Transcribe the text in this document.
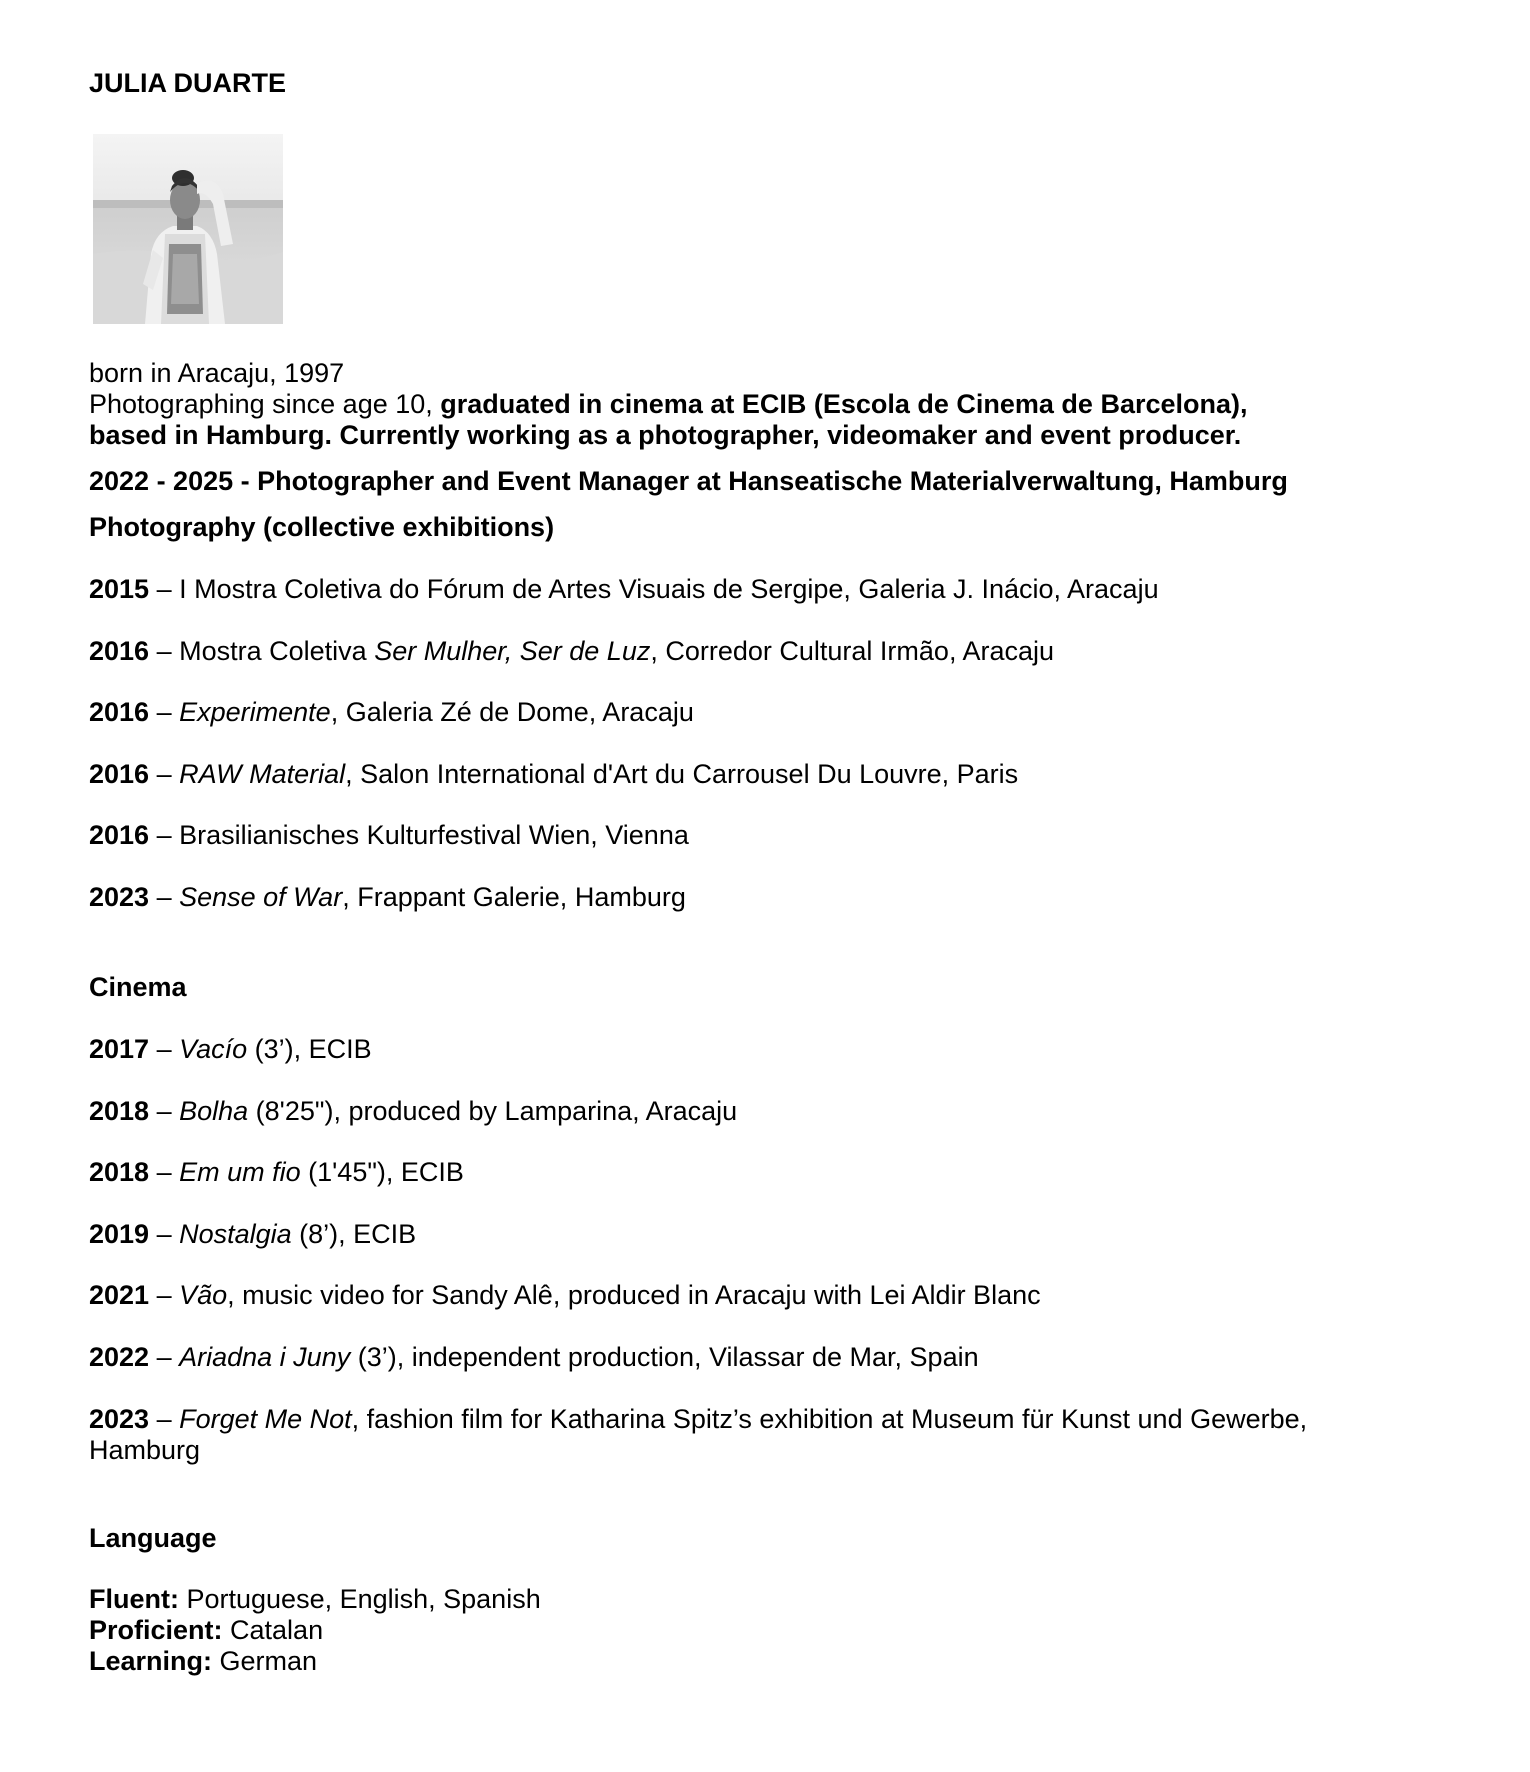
JULIA DUARTE
born in Aracaju, 1997
Photographing since age 10, graduated in cinema at ECIB (Escola de Cinema de Barcelona),
based in Hamburg. Currently working as a photographer, videomaker and event producer.
2022 - 2025 - Photographer and Event Manager at Hanseatische Materialverwaltung, Hamburg
Photography (collective exhibitions)
2015 – I Mostra Coletiva do Fórum de Artes Visuais de Sergipe, Galeria J. Inácio, Aracaju
2016 – Mostra Coletiva Ser Mulher, Ser de Luz, Corredor Cultural Irmão, Aracaju
2016 – Experimente, Galeria Zé de Dome, Aracaju
2016 – RAW Material, Salon International d'Art du Carrousel Du Louvre, Paris
2016 – Brasilianisches Kulturfestival Wien, Vienna
2023 – Sense of War, Frappant Galerie, Hamburg
Cinema
2017 – Vacío (3’), ECIB
2018 – Bolha (8'25"), produced by Lamparina, Aracaju
2018 – Em um fio (1'45"), ECIB
2019 – Nostalgia (8’), ECIB
2021 – Vão, music video for Sandy Alê, produced in Aracaju with Lei Aldir Blanc
2022 – Ariadna i Juny (3’), independent production, Vilassar de Mar, Spain
2023 – Forget Me Not, fashion film for Katharina Spitz’s exhibition at Museum für Kunst und Gewerbe,
Hamburg
Language
Fluent: Portuguese, English, Spanish
Proficient: Catalan
Learning: German
